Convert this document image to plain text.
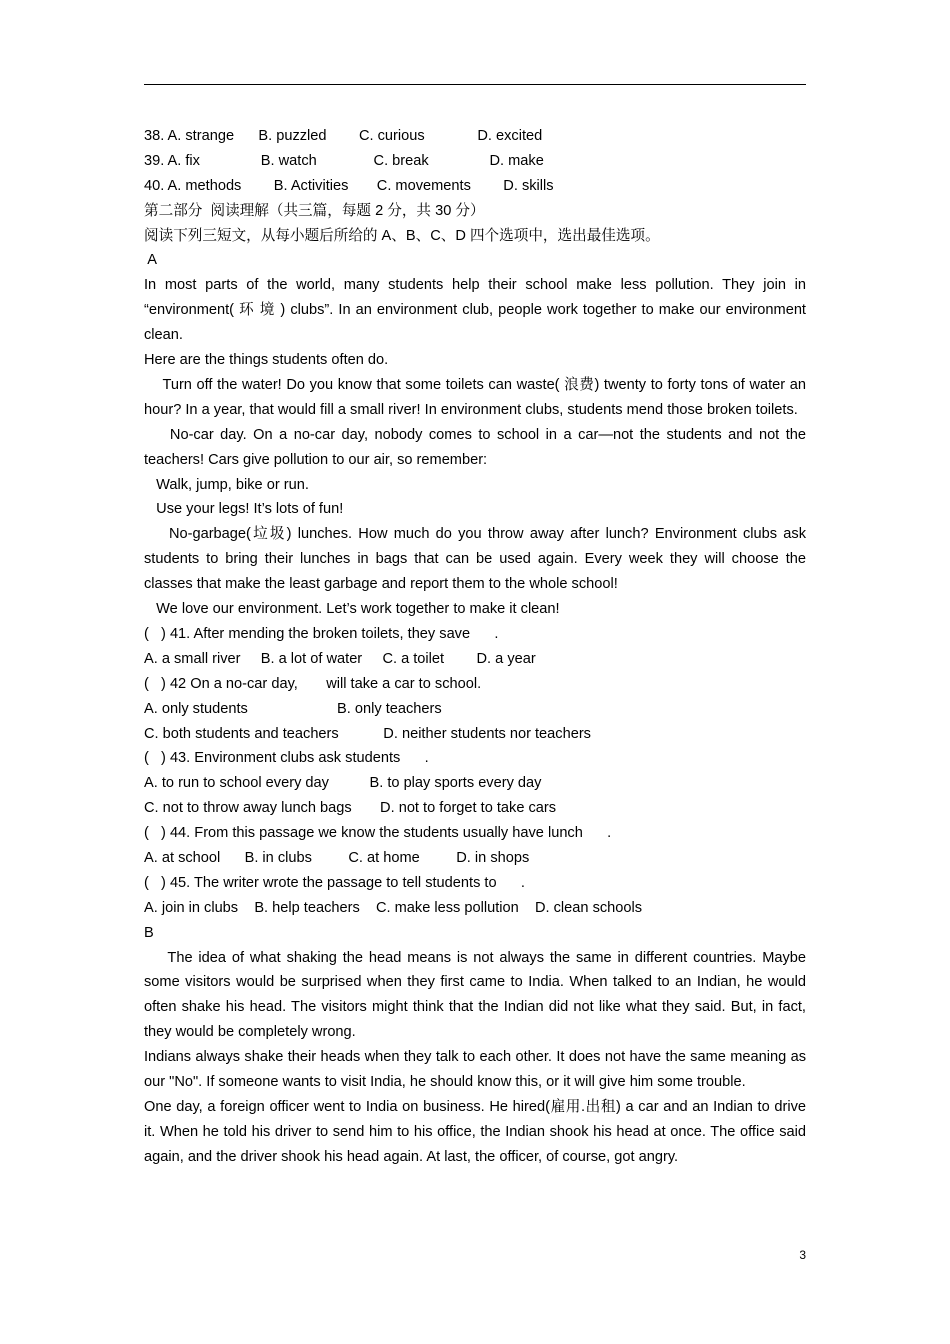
38. A. strange      B. puzzled        C. curious             D. excited
39. A. fix               B. watch              C. break               D. make
40. A. methods        B. Activities       C. movements        D. skills
第二部分  阅读理解（共三篇，每题 2 分，共 30 分）
阅读下列三短文，从每小题后所给的 A、B、C、D 四个选项中，选出最佳选项。
A
In most parts of the world, many students help their school make less pollution. They join in “environment( 环 境 ) clubs”. In an environment club, people work together to make our environment clean.
Here are the things students often do.
Turn off the water! Do you know that some toilets can waste( 浪费) twenty to forty tons of water an hour? In a year, that would fill a small river! In environment clubs, students mend those broken toilets.
No-car day. On a no-car day, nobody comes to school in a car—not the students and not the teachers! Cars give pollution to our air, so remember:
Walk, jump, bike or run.
Use your legs! It’s lots of fun!
No-garbage(垃圾) lunches. How much do you throw away after lunch? Environment clubs ask students to bring their lunches in bags that can be used again. Every week they will choose the classes that make the least garbage and report them to the whole school!
We love our environment. Let’s work together to make it clean!
(   ) 41. After mending the broken toilets, they save      .
A. a small river     B. a lot of water     C. a toilet        D. a year
(   ) 42 On a no-car day,       will take a car to school.
A. only students                      B. only teachers
C. both students and teachers           D. neither students nor teachers
(   ) 43. Environment clubs ask students      .
A. to run to school every day          B. to play sports every day
C. not to throw away lunch bags       D. not to forget to take cars
(   ) 44. From this passage we know the students usually have lunch      .
A. at school      B. in clubs         C. at home         D. in shops
(   ) 45. The writer wrote the passage to tell students to      .
A. join in clubs    B. help teachers    C. make less pollution    D. clean schools
B
The idea of what shaking the head means is not always the same in different countries. Maybe some visitors would be surprised when they first came to India. When talked to an Indian, he would often shake his head. The visitors might think that the Indian did not like what they said. But, in fact, they would be completely wrong.
Indians always shake their heads when they talk to each other. It does not have the same meaning as our "No". If someone wants to visit India, he should know this, or it will give him some trouble.
One day, a foreign officer went to India on business. He hired(雇用.出租) a car and an Indian to drive it. When he told his driver to send him to his office, the Indian shook his head at once. The office said again, and the driver shook his head again. At last, the officer, of course, got angry.
3
